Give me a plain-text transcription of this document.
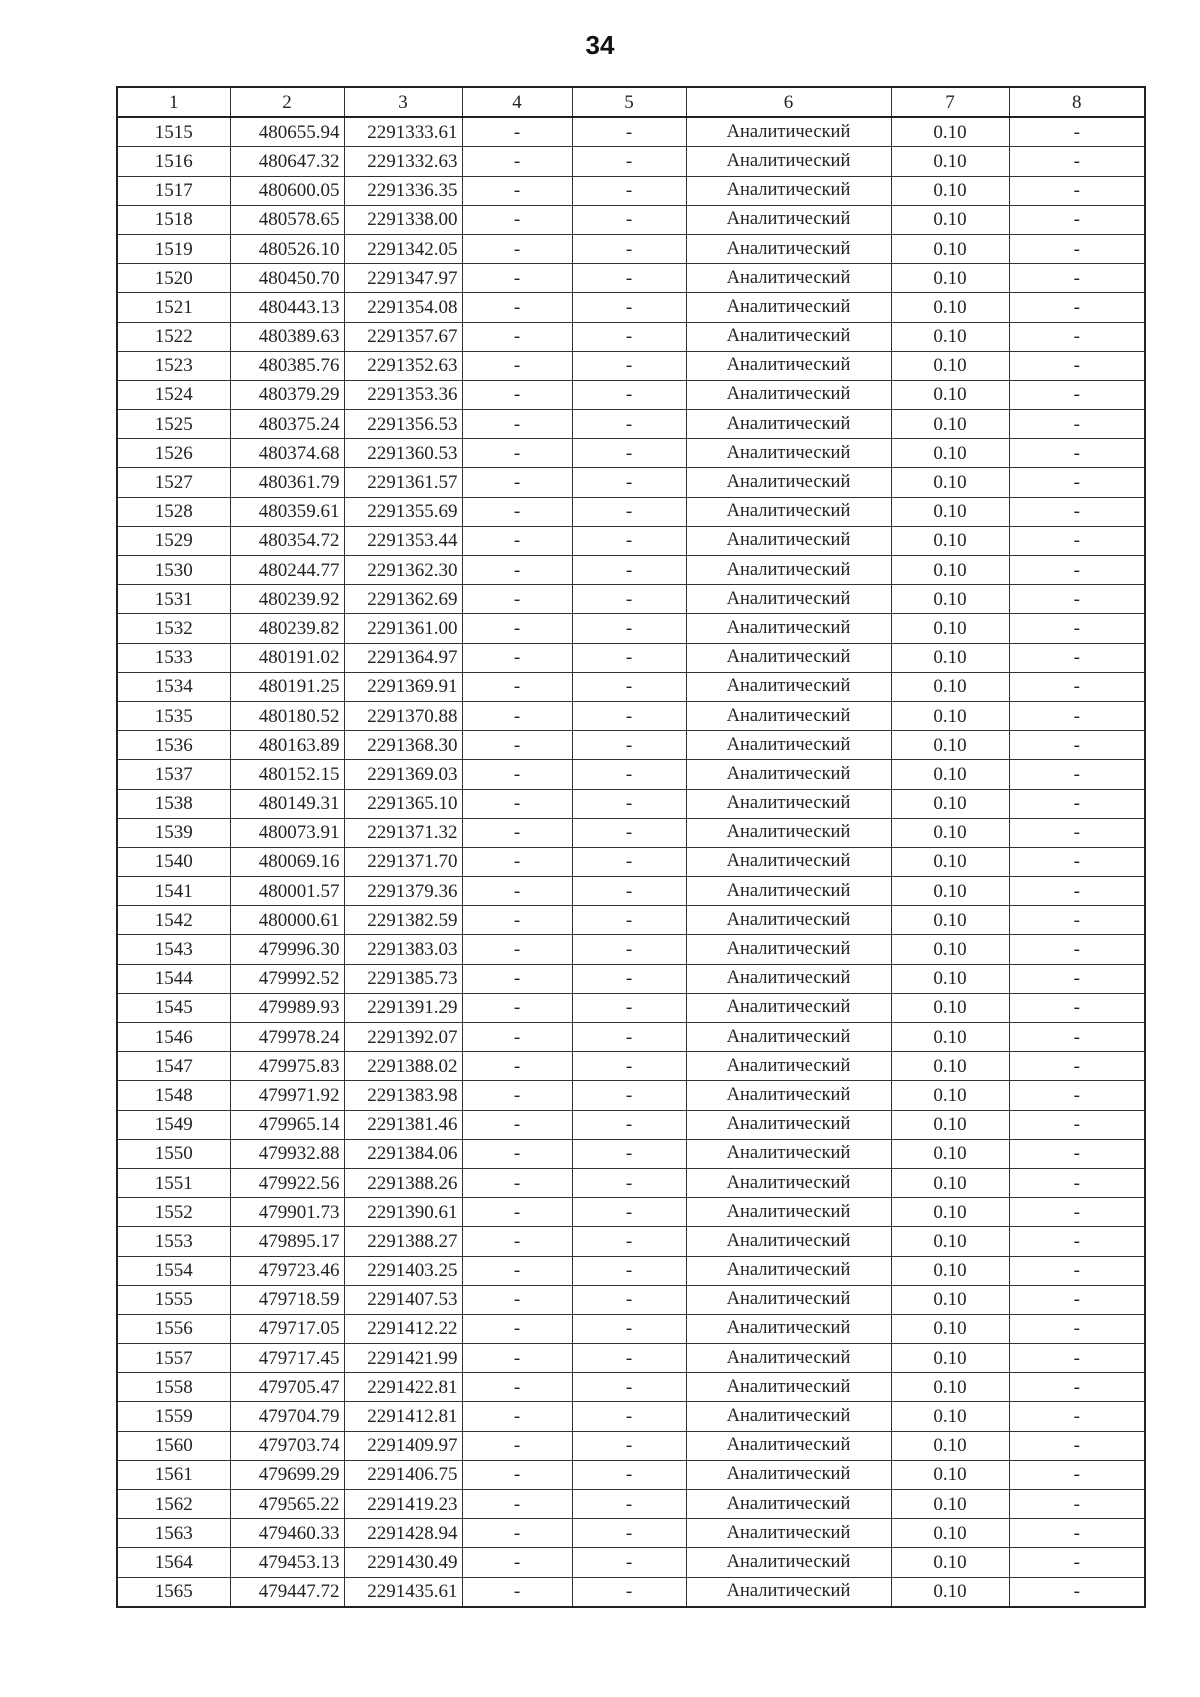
34
1	2	3	4	5	6	7	8
1515	480655.94	2291333.61	-	-	Аналитический	0.10	-
1516	480647.32	2291332.63	-	-	Аналитический	0.10	-
1517	480600.05	2291336.35	-	-	Аналитический	0.10	-
1518	480578.65	2291338.00	-	-	Аналитический	0.10	-
1519	480526.10	2291342.05	-	-	Аналитический	0.10	-
1520	480450.70	2291347.97	-	-	Аналитический	0.10	-
1521	480443.13	2291354.08	-	-	Аналитический	0.10	-
1522	480389.63	2291357.67	-	-	Аналитический	0.10	-
1523	480385.76	2291352.63	-	-	Аналитический	0.10	-
1524	480379.29	2291353.36	-	-	Аналитический	0.10	-
1525	480375.24	2291356.53	-	-	Аналитический	0.10	-
1526	480374.68	2291360.53	-	-	Аналитический	0.10	-
1527	480361.79	2291361.57	-	-	Аналитический	0.10	-
1528	480359.61	2291355.69	-	-	Аналитический	0.10	-
1529	480354.72	2291353.44	-	-	Аналитический	0.10	-
1530	480244.77	2291362.30	-	-	Аналитический	0.10	-
1531	480239.92	2291362.69	-	-	Аналитический	0.10	-
1532	480239.82	2291361.00	-	-	Аналитический	0.10	-
1533	480191.02	2291364.97	-	-	Аналитический	0.10	-
1534	480191.25	2291369.91	-	-	Аналитический	0.10	-
1535	480180.52	2291370.88	-	-	Аналитический	0.10	-
1536	480163.89	2291368.30	-	-	Аналитический	0.10	-
1537	480152.15	2291369.03	-	-	Аналитический	0.10	-
1538	480149.31	2291365.10	-	-	Аналитический	0.10	-
1539	480073.91	2291371.32	-	-	Аналитический	0.10	-
1540	480069.16	2291371.70	-	-	Аналитический	0.10	-
1541	480001.57	2291379.36	-	-	Аналитический	0.10	-
1542	480000.61	2291382.59	-	-	Аналитический	0.10	-
1543	479996.30	2291383.03	-	-	Аналитический	0.10	-
1544	479992.52	2291385.73	-	-	Аналитический	0.10	-
1545	479989.93	2291391.29	-	-	Аналитический	0.10	-
1546	479978.24	2291392.07	-	-	Аналитический	0.10	-
1547	479975.83	2291388.02	-	-	Аналитический	0.10	-
1548	479971.92	2291383.98	-	-	Аналитический	0.10	-
1549	479965.14	2291381.46	-	-	Аналитический	0.10	-
1550	479932.88	2291384.06	-	-	Аналитический	0.10	-
1551	479922.56	2291388.26	-	-	Аналитический	0.10	-
1552	479901.73	2291390.61	-	-	Аналитический	0.10	-
1553	479895.17	2291388.27	-	-	Аналитический	0.10	-
1554	479723.46	2291403.25	-	-	Аналитический	0.10	-
1555	479718.59	2291407.53	-	-	Аналитический	0.10	-
1556	479717.05	2291412.22	-	-	Аналитический	0.10	-
1557	479717.45	2291421.99	-	-	Аналитический	0.10	-
1558	479705.47	2291422.81	-	-	Аналитический	0.10	-
1559	479704.79	2291412.81	-	-	Аналитический	0.10	-
1560	479703.74	2291409.97	-	-	Аналитический	0.10	-
1561	479699.29	2291406.75	-	-	Аналитический	0.10	-
1562	479565.22	2291419.23	-	-	Аналитический	0.10	-
1563	479460.33	2291428.94	-	-	Аналитический	0.10	-
1564	479453.13	2291430.49	-	-	Аналитический	0.10	-
1565	479447.72	2291435.61	-	-	Аналитический	0.10	-
